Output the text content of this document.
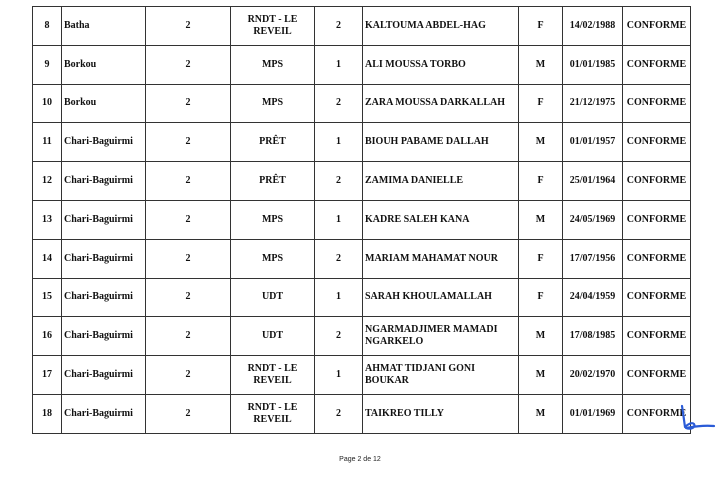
8	Batha	2	RNDT - LE REVEIL	2	KALTOUMA ABDEL-HAG	F	14/02/1988	CONFORME
9	Borkou	2	MPS	1	ALI MOUSSA TORBO	M	01/01/1985	CONFORME
10	Borkou	2	MPS	2	ZARA MOUSSA DARKALLAH	F	21/12/1975	CONFORME
11	Chari-Baguirmi	2	PRÊT	1	BIOUH PABAME DALLAH	M	01/01/1957	CONFORME
12	Chari-Baguirmi	2	PRÊT	2	ZAMIMA DANIELLE	F	25/01/1964	CONFORME
13	Chari-Baguirmi	2	MPS	1	KADRE SALEH KANA	M	24/05/1969	CONFORME
14	Chari-Baguirmi	2	MPS	2	MARIAM MAHAMAT NOUR	F	17/07/1956	CONFORME
15	Chari-Baguirmi	2	UDT	1	SARAH KHOULAMALLAH	F	24/04/1959	CONFORME
16	Chari-Baguirmi	2	UDT	2	NGARMADJIMER MAMADI NGARKELO	M	17/08/1985	CONFORME
17	Chari-Baguirmi	2	RNDT - LE REVEIL	1	AHMAT TIDJANI GONI BOUKAR	M	20/02/1970	CONFORME
18	Chari-Baguirmi	2	RNDT - LE REVEIL	2	TAIKREO TILLY	M	01/01/1969	CONFORME
Page 2 de 12
